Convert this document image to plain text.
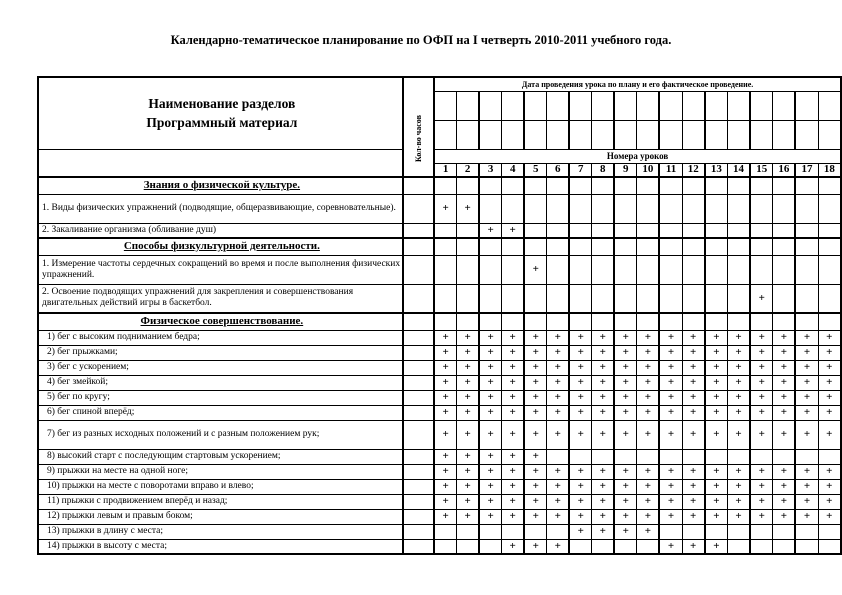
Календарно-тематическое планирование по ОФП на I четверть 2010-2011 учебного года.
Наименование разделов
Программный материал	Кол-во часов	Дата проведения урока по плану и его фактическое проведение.																	

		Номера уроков																	
		1	2	3	4	5	6	7	8	9	10	11	12	13	14	15	16	17	18
Знания о физической культуре.																			
1. Виды физических упражнений (подводящие, общеразвивающие, соревновательные).		+	+																
2. Закаливание организма (обливание душ)				+	+														
Способы физкультурной деятельности.																			
1. Измерение частоты сердечных сокращений во время и после выполнения физических упражнений.						+													
2. Освоение подводящих упражнений для закрепления и совершенствования двигательных действий игры в баскетбол.																+			
Физическое совершенствование.																			
1) бег с высоким подниманием бедра;		+	+	+	+	+	+	+	+	+	+	+	+	+	+	+	+	+	+
2) бег прыжками;		+	+	+	+	+	+	+	+	+	+	+	+	+	+	+	+	+	+
3) бег с ускорением;		+	+	+	+	+	+	+	+	+	+	+	+	+	+	+	+	+	+
4) бег змейкой;		+	+	+	+	+	+	+	+	+	+	+	+	+	+	+	+	+	+
5) бег по кругу;		+	+	+	+	+	+	+	+	+	+	+	+	+	+	+	+	+	+
6) бег спиной вперёд;		+	+	+	+	+	+	+	+	+	+	+	+	+	+	+	+	+	+
7) бег из разных исходных положений и с разным положением рук;		+	+	+	+	+	+	+	+	+	+	+	+	+	+	+	+	+	+
8) высокий старт с последующим стартовым ускорением;		+	+	+	+	+													
9) прыжки на месте на одной ноге;		+	+	+	+	+	+	+	+	+	+	+	+	+	+	+	+	+	+
10) прыжки на месте с поворотами вправо и влево;		+	+	+	+	+	+	+	+	+	+	+	+	+	+	+	+	+	+
11) прыжки с продвижением вперёд и назад;		+	+	+	+	+	+	+	+	+	+	+	+	+	+	+	+	+	+
12) прыжки левым и правым боком;		+	+	+	+	+	+	+	+	+	+	+	+	+	+	+	+	+	+
13) прыжки в длину с места;								+	+	+	+								
14) прыжки в высоту с места;					+	+	+					+	+	+					
